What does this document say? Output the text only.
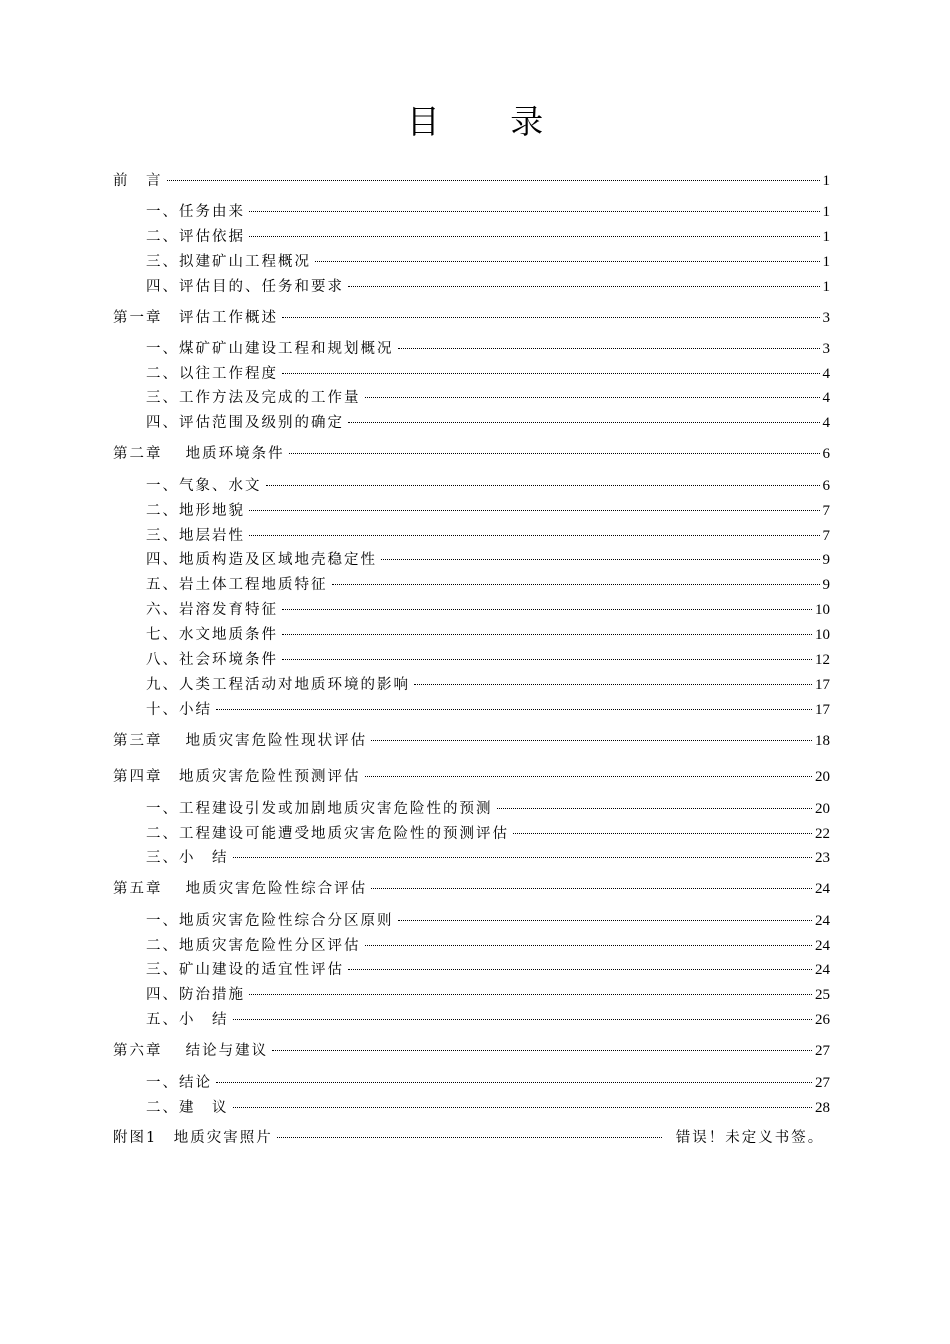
目 录
前　言	1
一、任务由来	1
二、评估依据	1
三、拟建矿山工程概况	1
四、评估目的、任务和要求	1
第一章　评估工作概述	3
一、煤矿矿山建设工程和规划概况	3
二、以往工作程度	4
三、工作方法及完成的工作量	4
四、评估范围及级别的确定	4
第二章　 地质环境条件	6
一、气象、水文	6
二、地形地貌	7
三、地层岩性	7
四、地质构造及区域地壳稳定性	9
五、岩土体工程地质特征	9
六、岩溶发育特征	10
七、水文地质条件	10
八、社会环境条件	12
九、人类工程活动对地质环境的影响	17
十、小结	17
第三章　 地质灾害危险性现状评估	18
第四章　地质灾害危险性预测评估	20
一、工程建设引发或加剧地质灾害危险性的预测	20
二、工程建设可能遭受地质灾害危险性的预测评估	22
三、小　结	23
第五章　 地质灾害危险性综合评估	24
一、地质灾害危险性综合分区原则	24
二、地质灾害危险性分区评估	24
三、矿山建设的适宜性评估	24
四、防治措施	25
五、小　结	26
第六章　 结论与建议	27
一、结论	27
二、建　议	28
附图1　地质灾害照片	错误！未定义书签。
